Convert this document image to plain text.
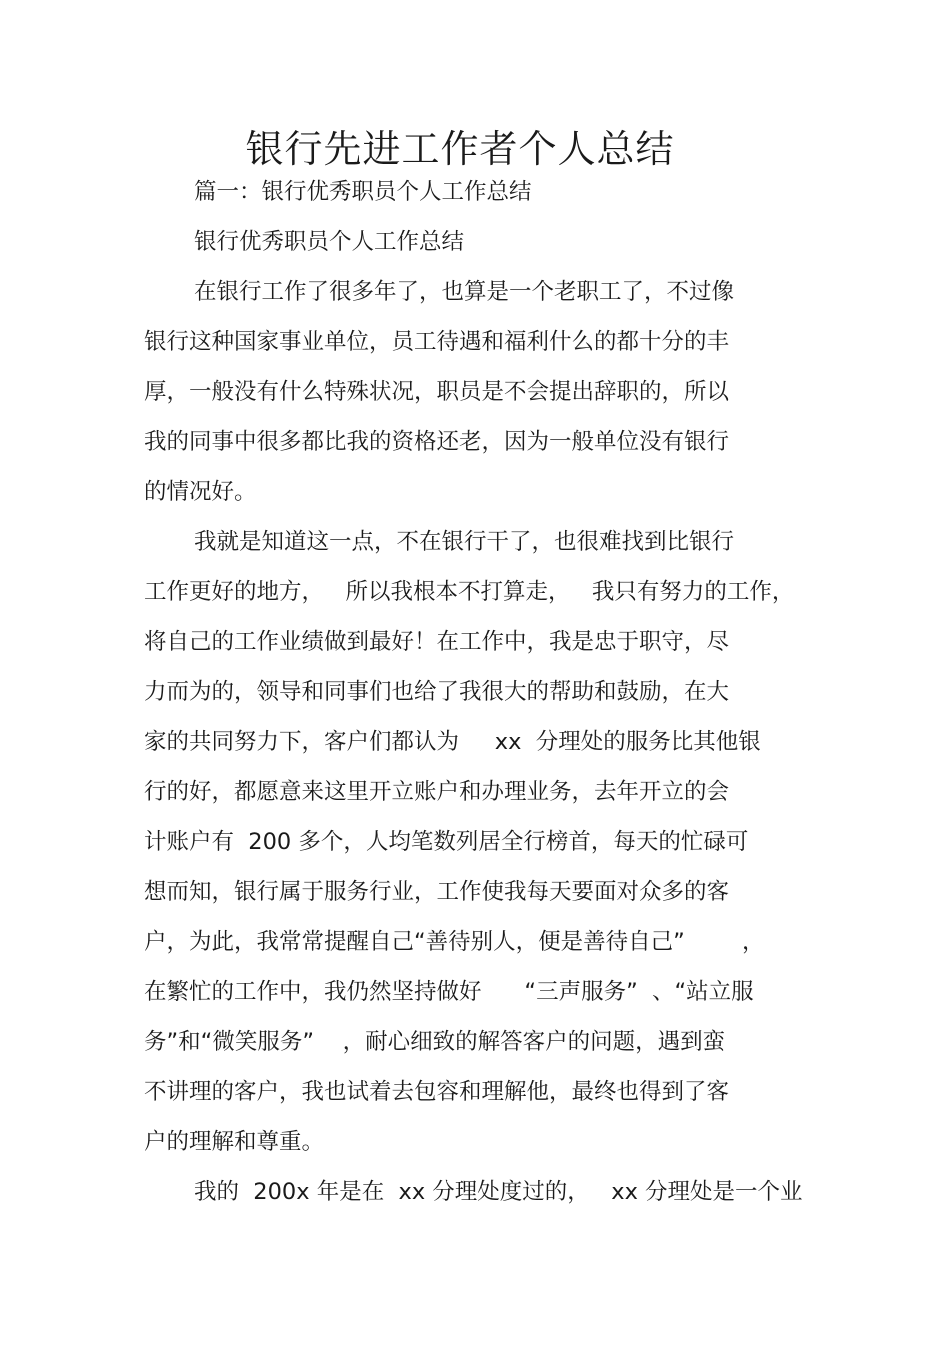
银行先进工作者个人总结
篇一：银行优秀职员个人工作总结
银行优秀职员个人工作总结
在银行工作了很多年了，也算是一个老职工了，不过像
银行这种国家事业单位，员工待遇和福利什么的都十分的丰
厚，一般没有什么特殊状况，职员是不会提出辞职的，所以
我的同事中很多都比我的资格还老，因为一般单位没有银行
的情况好。
我就是知道这一点，不在银行干了，也很难找到比银行
工作更好的地方，   所以我根本不打算走，   我只有努力的工作，
将自己的工作业绩做到最好！在工作中，我是忠于职守，尽
力而为的，领导和同事们也给了我很大的帮助和鼓励，在大
家的共同努力下，客户们都认为     xx  分理处的服务比其他银
行的好，都愿意来这里开立账户和办理业务，去年开立的会
计账户有  200 多个，人均笔数列居全行榜首，每天的忙碌可
想而知，银行属于服务行业，工作使我每天要面对众多的客
户，为此，我常常提醒自己“善待别人，便是善待自己”        ，
在繁忙的工作中，我仍然坚持做好      “三声服务”  、“站立服
务”和“微笑服务”    ，耐心细致的解答客户的问题，遇到蛮
不讲理的客户，我也试着去包容和理解他，最终也得到了客
户的理解和尊重。
我的  200x 年是在  xx 分理处度过的，   xx 分理处是一个业
